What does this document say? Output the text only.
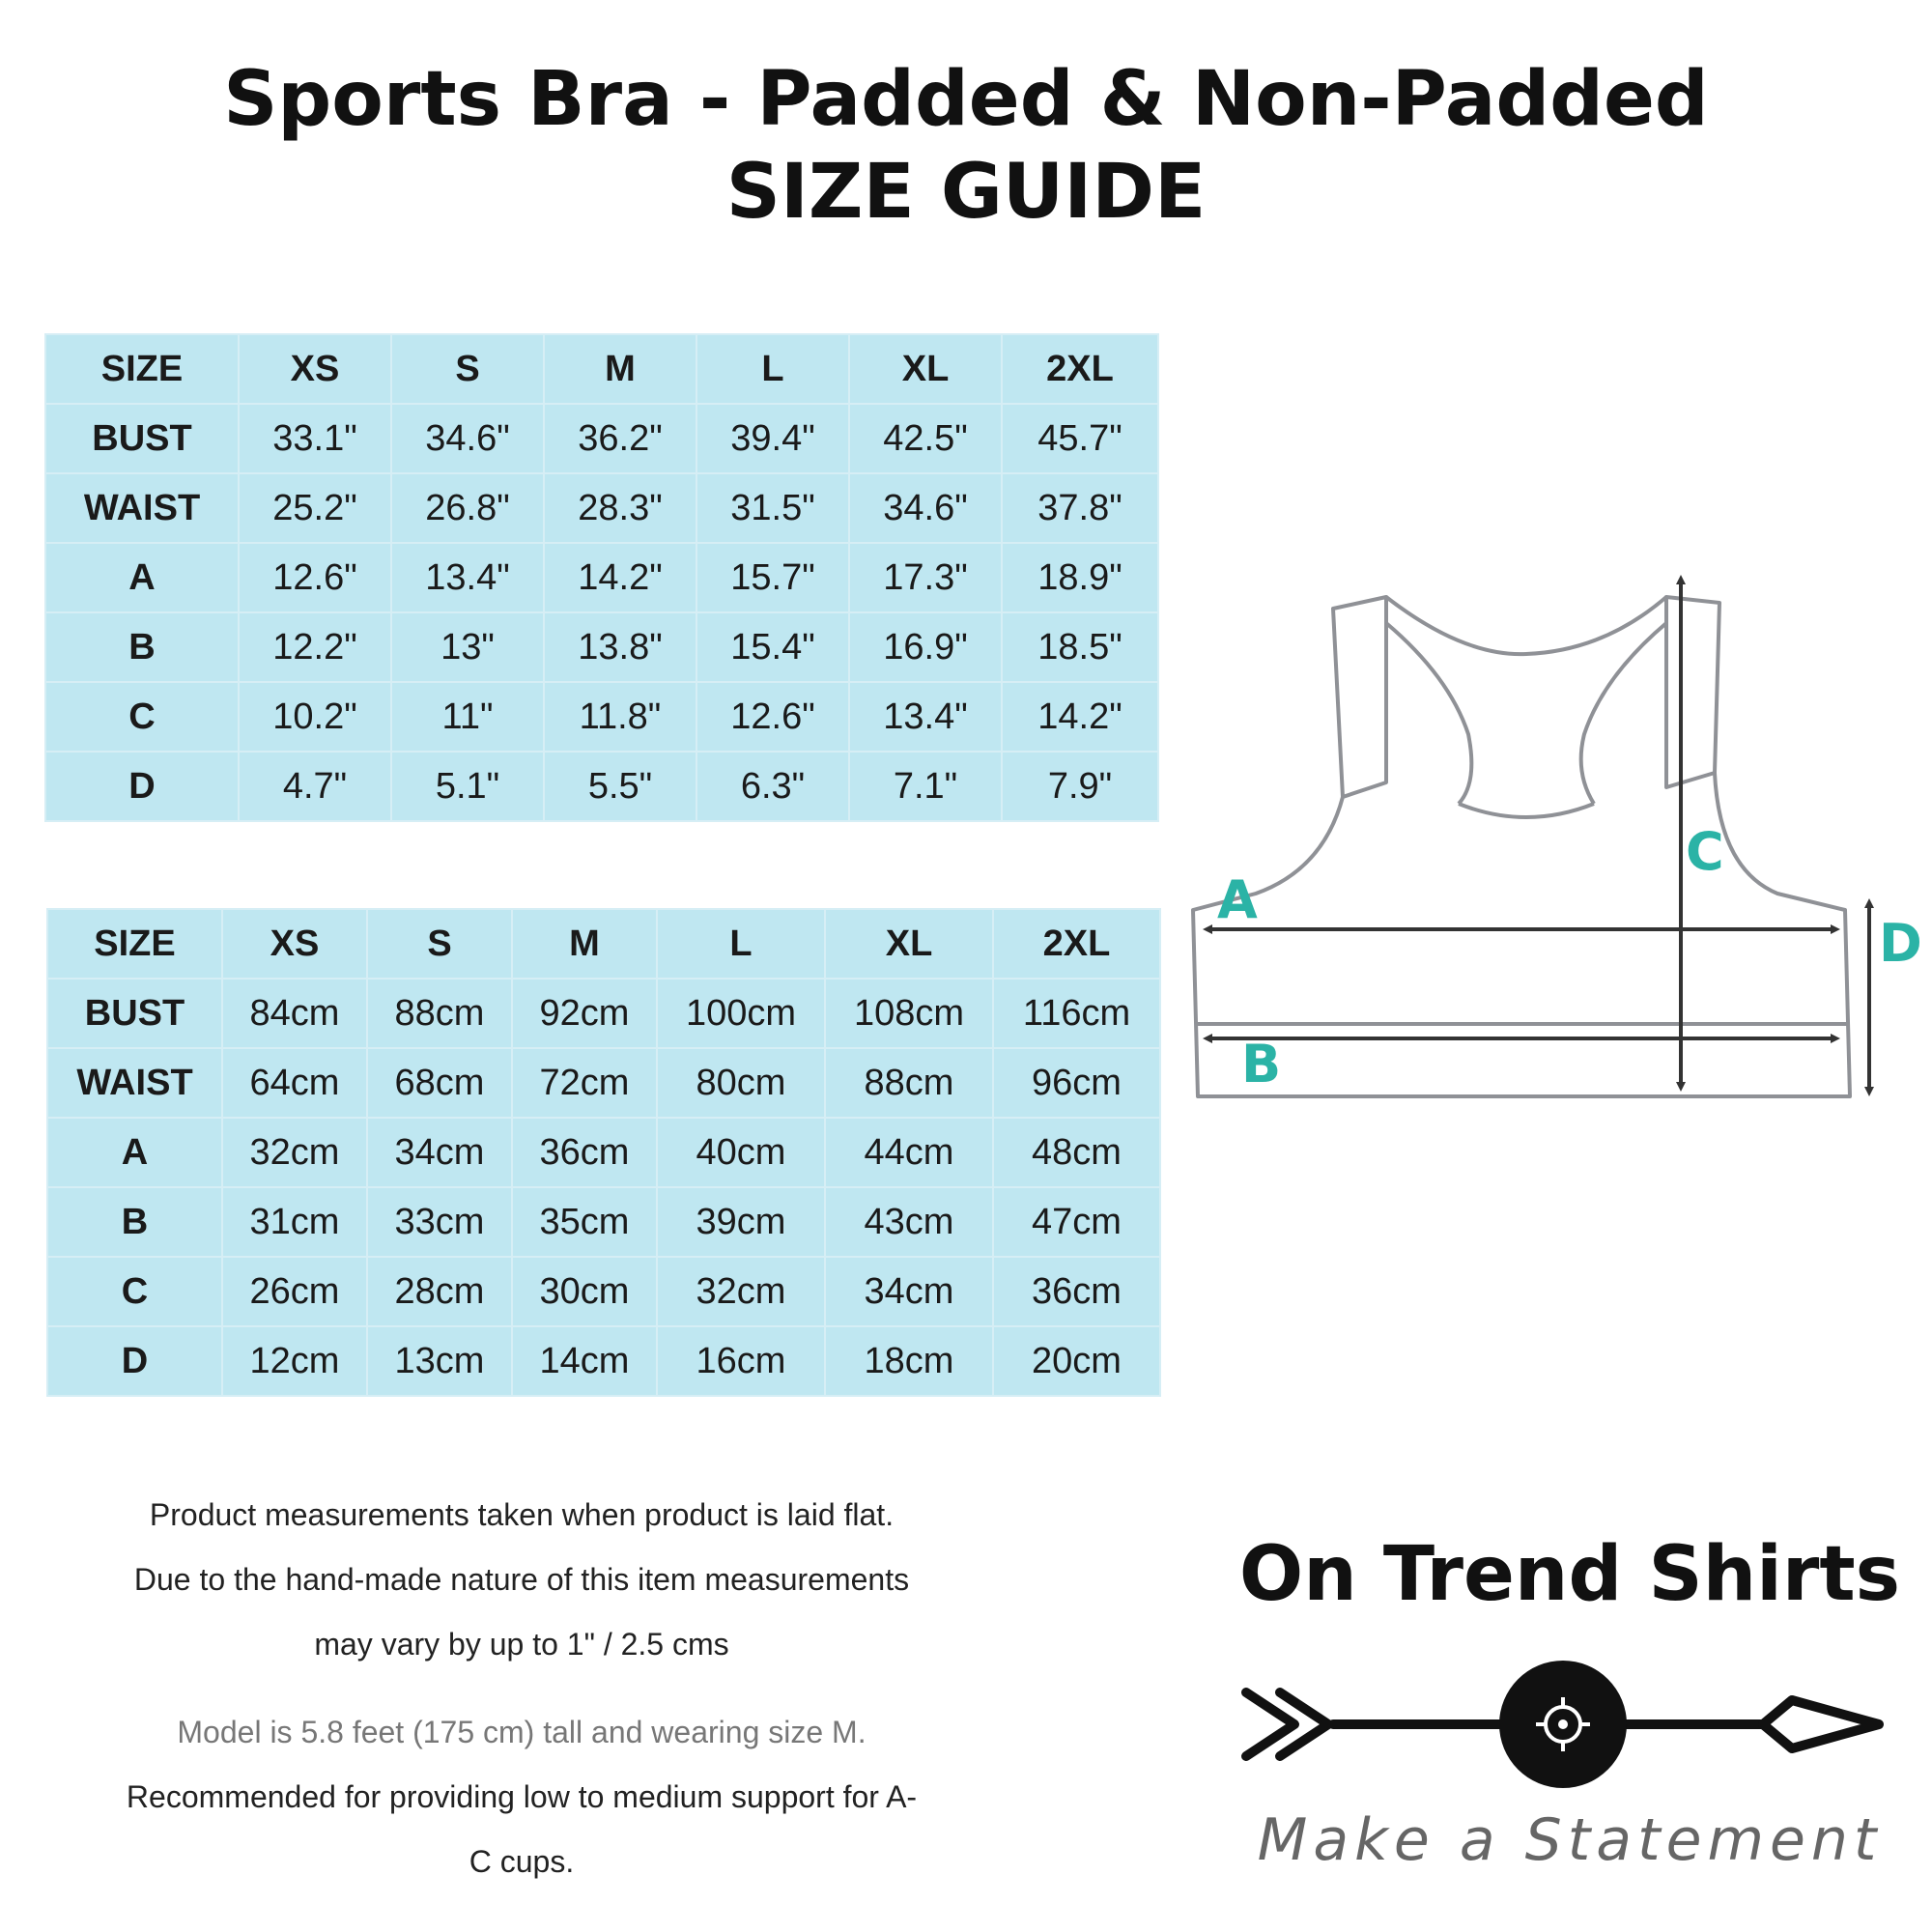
Sports Bra - Padded & Non-Padded
SIZE GUIDE
SIZE	XS	S	M	L	XL	2XL
BUST	33.1"	34.6"	36.2"	39.4"	42.5"	45.7"
WAIST	25.2"	26.8"	28.3"	31.5"	34.6"	37.8"
A	12.6"	13.4"	14.2"	15.7"	17.3"	18.9"
B	12.2"	13"	13.8"	15.4"	16.9"	18.5"
C	10.2"	11"	11.8"	12.6"	13.4"	14.2"
D	4.7"	5.1"	5.5"	6.3"	7.1"	7.9"
SIZE	XS	S	M	L	XL	2XL
BUST	84cm	88cm	92cm	100cm	108cm	116cm
WAIST	64cm	68cm	72cm	80cm	88cm	96cm
A	32cm	34cm	36cm	40cm	44cm	48cm
B	31cm	33cm	35cm	39cm	43cm	47cm
C	26cm	28cm	30cm	32cm	34cm	36cm
D	12cm	13cm	14cm	16cm	18cm	20cm
A
B
C
D
Product measurements taken when product is laid flat.
Due to the hand-made nature of this item measurements
may vary by up to 1" / 2.5 cms
Model is 5.8 feet (175 cm) tall and wearing size M.
Recommended for providing low to medium support for A-
C cups.
On Trend Shirts
Make a Statement
